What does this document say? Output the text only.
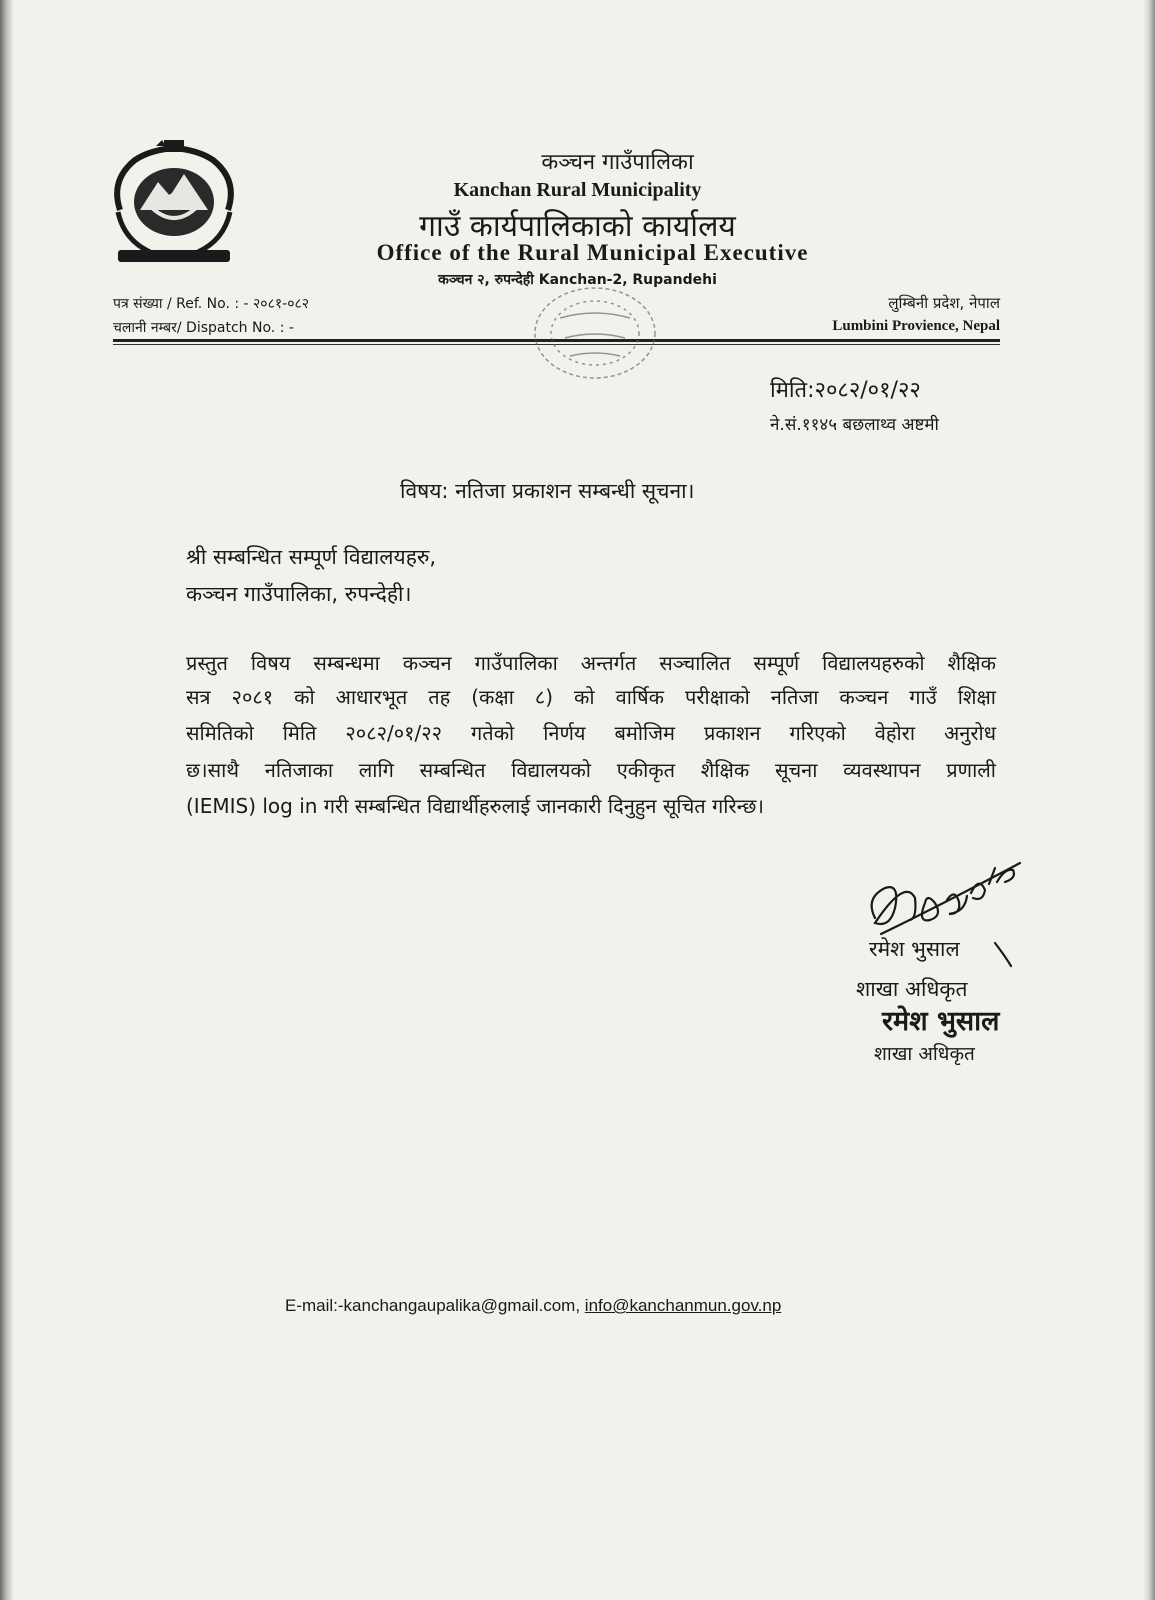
कञ्चन गाउँपालिका
Kanchan Rural Municipality
गाउँ कार्यपालिकाको कार्यालय
Office of the Rural Municipal Executive
कञ्चन २, रुपन्देही Kanchan-2, Rupandehi
पत्र संख्या / Ref. No. : - २०८१-०८२
चलानी नम्बर/ Dispatch No. : -
लुम्बिनी प्रदेश, नेपाल
Lumbini Provience, Nepal
मिति:२०८२/०१/२२
ने.सं.११४५ बछलाथ्व अष्टमी
विषय: नतिजा प्रकाशन सम्बन्धी सूचना।
श्री सम्बन्धित सम्पूर्ण विद्यालयहरु,
कञ्चन गाउँपालिका, रुपन्देही।
प्रस्तुत विषय सम्बन्धमा कञ्चन गाउँपालिका अन्तर्गत सञ्चालित सम्पूर्ण विद्यालयहरुको शैक्षिक
सत्र २०८१ को आधारभूत तह (कक्षा ८) को वार्षिक परीक्षाको नतिजा कञ्चन गाउँ शिक्षा
समितिको मिति २०८२/०१/२२ गतेको निर्णय बमोजिम प्रकाशन गरिएको वेहोरा अनुरोध
छ।साथै नतिजाका लागि सम्बन्धित विद्यालयको एकीकृत शैक्षिक सूचना व्यवस्थापन प्रणाली
(IEMIS) log in गरी सम्बन्धित विद्यार्थीहरुलाई जानकारी दिनुहुन सूचित गरिन्छ।
रमेश भुसाल
शाखा अधिकृत
रमेश भुसाल
शाखा अधिकृत
E-mail:-kanchangaupalika@gmail.com, info@kanchanmun.gov.np
